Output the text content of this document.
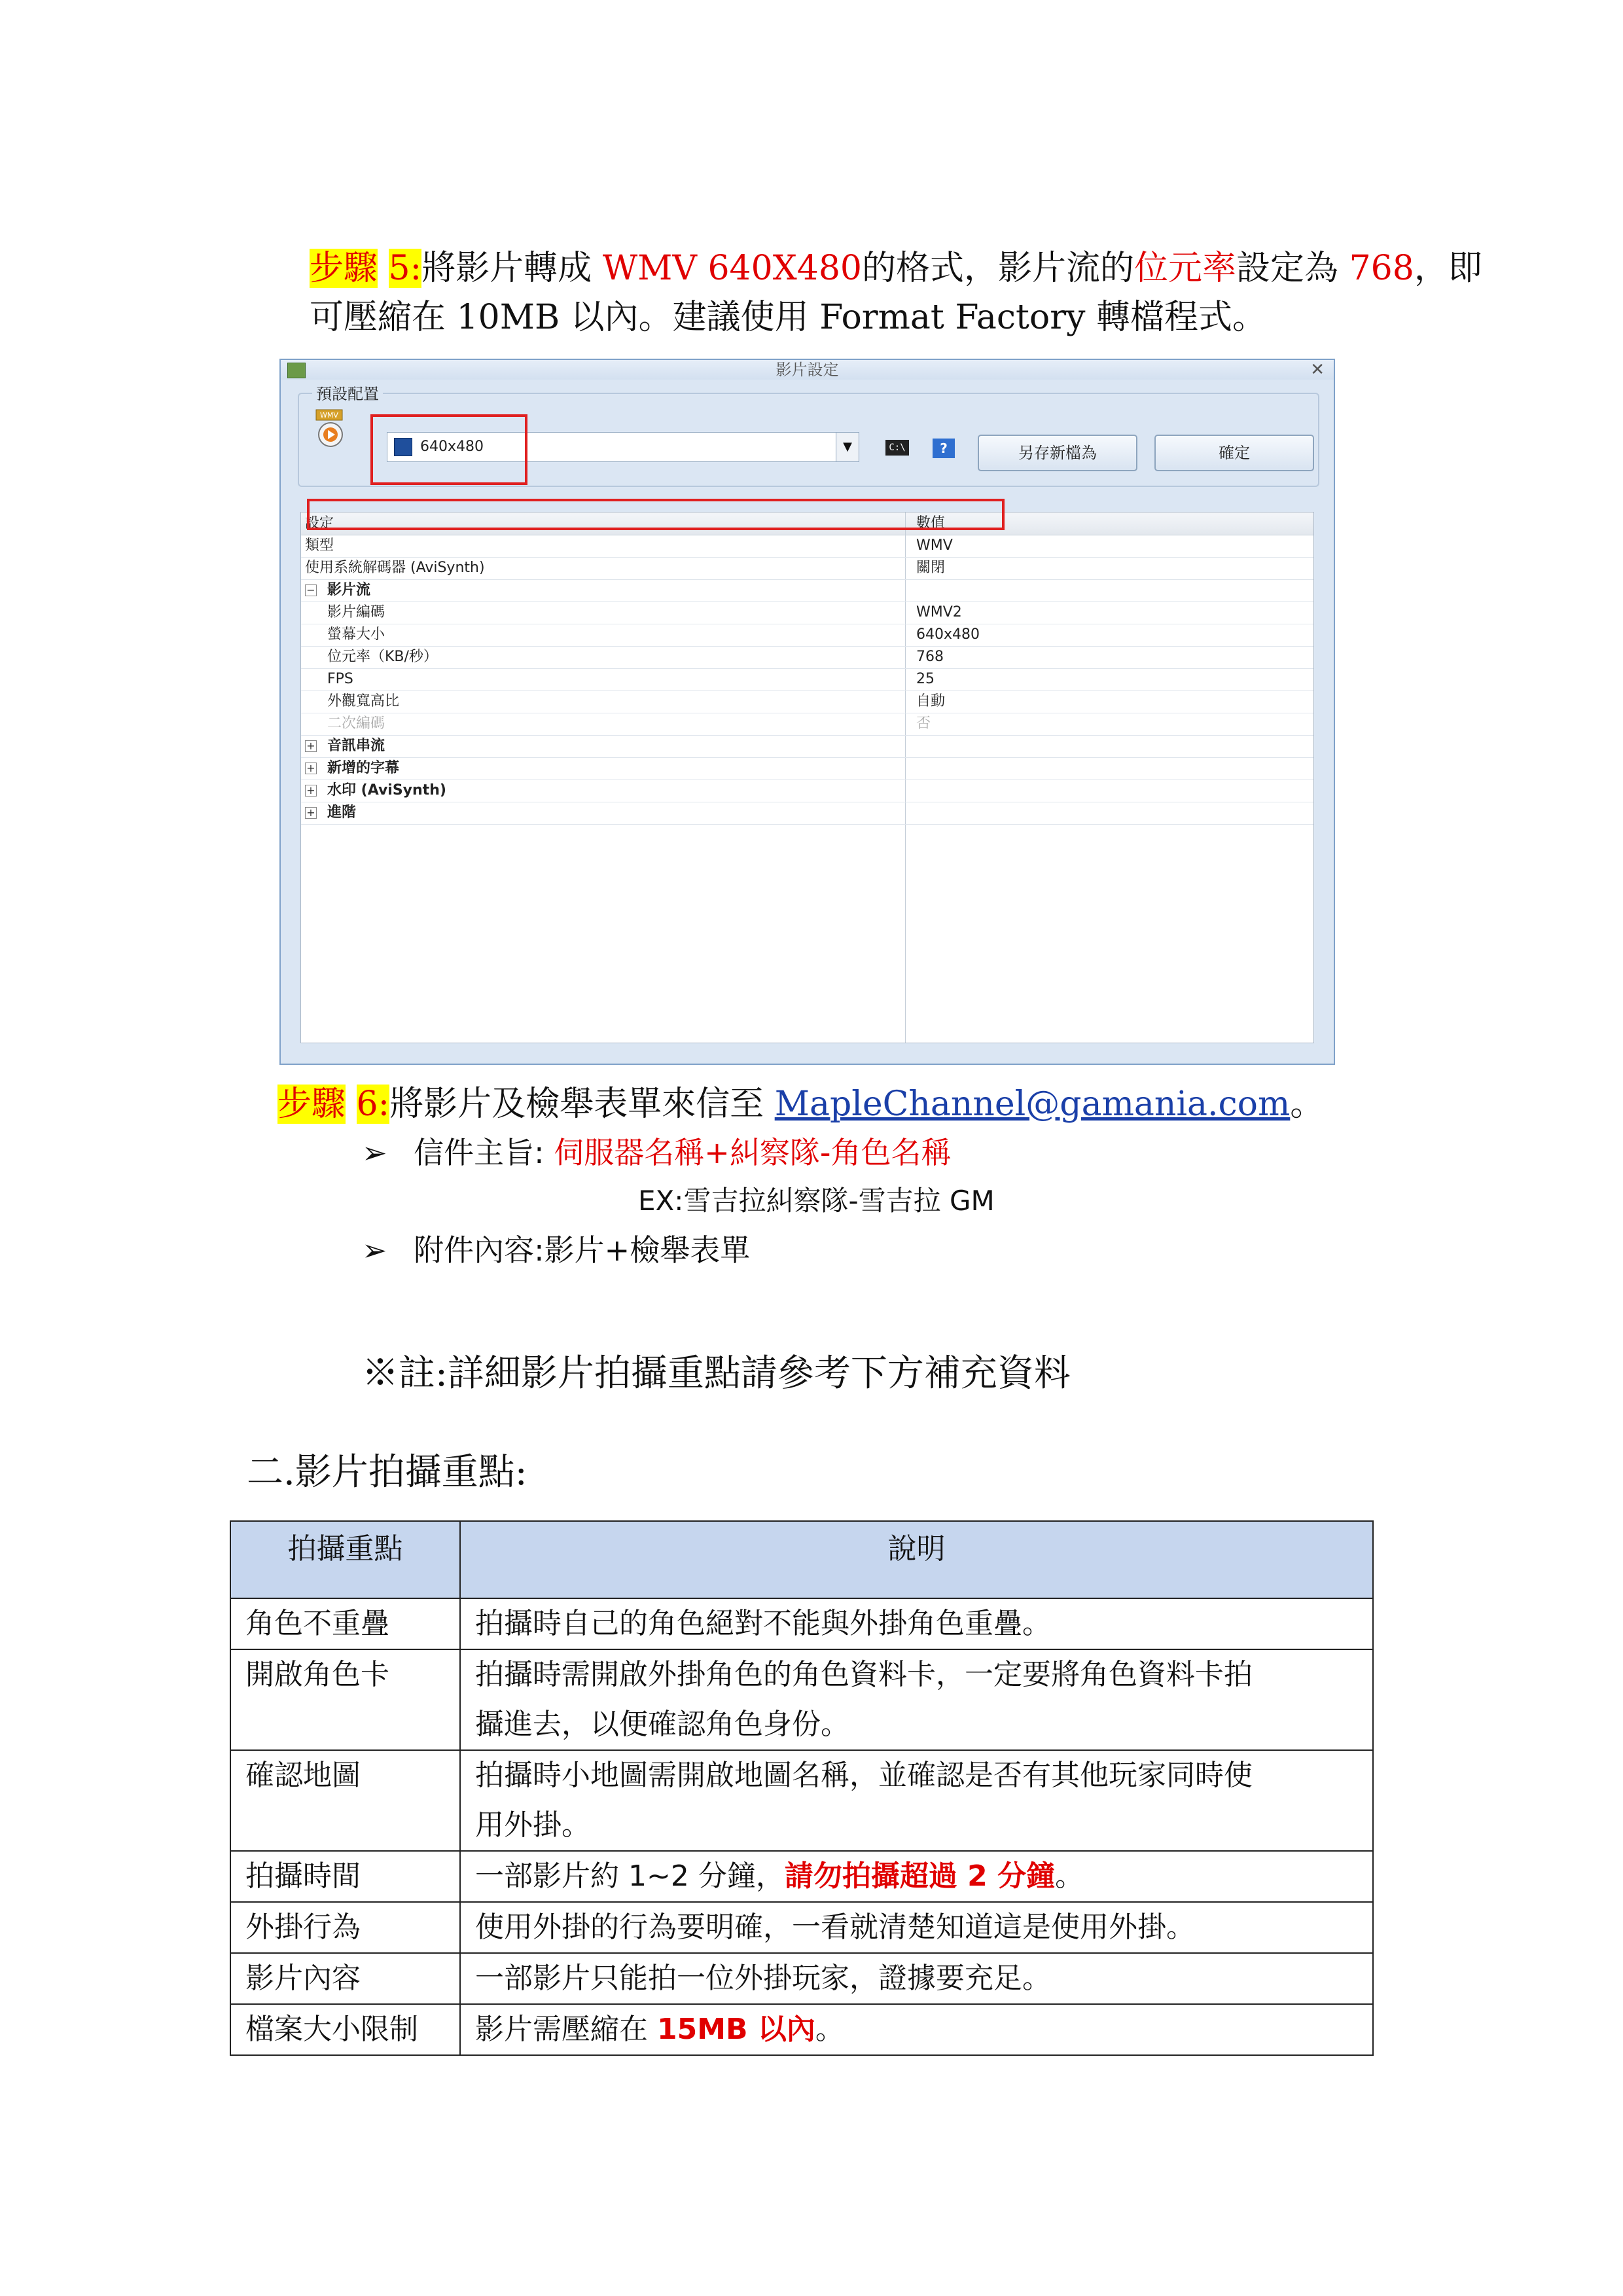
步驟 5:將影片轉成 WMV 640X480的格式，影片流的位元率設定為 768，即
可壓縮在 10MB 以內。建議使用 Format Factory 轉檔程式。
影片設定	✕
預設配置
WMV
640x480	▼	C:\	?	另存新檔為	確定
設定	數值
類型	WMV
使用系統解碼器 (AviSynth)	關閉
− 影片流
影片編碼	WMV2
螢幕大小	640x480
位元率（KB/秒）	768
FPS	25
外觀寬高比	自動
二次編碼	否
+ 音訊串流
+ 新增的字幕
+ 水印 (AviSynth)
+ 進階
步驟 6:將影片及檢舉表單來信至 MapleChannel@gamania.com。
➢ 信件主旨: 伺服器名稱+糾察隊-角色名稱
EX:雪吉拉糾察隊-雪吉拉 GM
➢ 附件內容:影片+檢舉表單
※註:詳細影片拍攝重點請參考下方補充資料
二.影片拍攝重點:
拍攝重點	說明
角色不重疊	拍攝時自己的角色絕對不能與外掛角色重疊。
開啟角色卡	拍攝時需開啟外掛角色的角色資料卡，一定要將角色資料卡拍
攝進去，以便確認角色身份。

確認地圖	拍攝時小地圖需開啟地圖名稱，並確認是否有其他玩家同時使
用外掛。

拍攝時間	一部影片約 1~2 分鐘，請勿拍攝超過 2 分鐘。
外掛行為	使用外掛的行為要明確，一看就清楚知道這是使用外掛。
影片內容	一部影片只能拍一位外掛玩家，證據要充足。
檔案大小限制	影片需壓縮在 15MB 以內。
